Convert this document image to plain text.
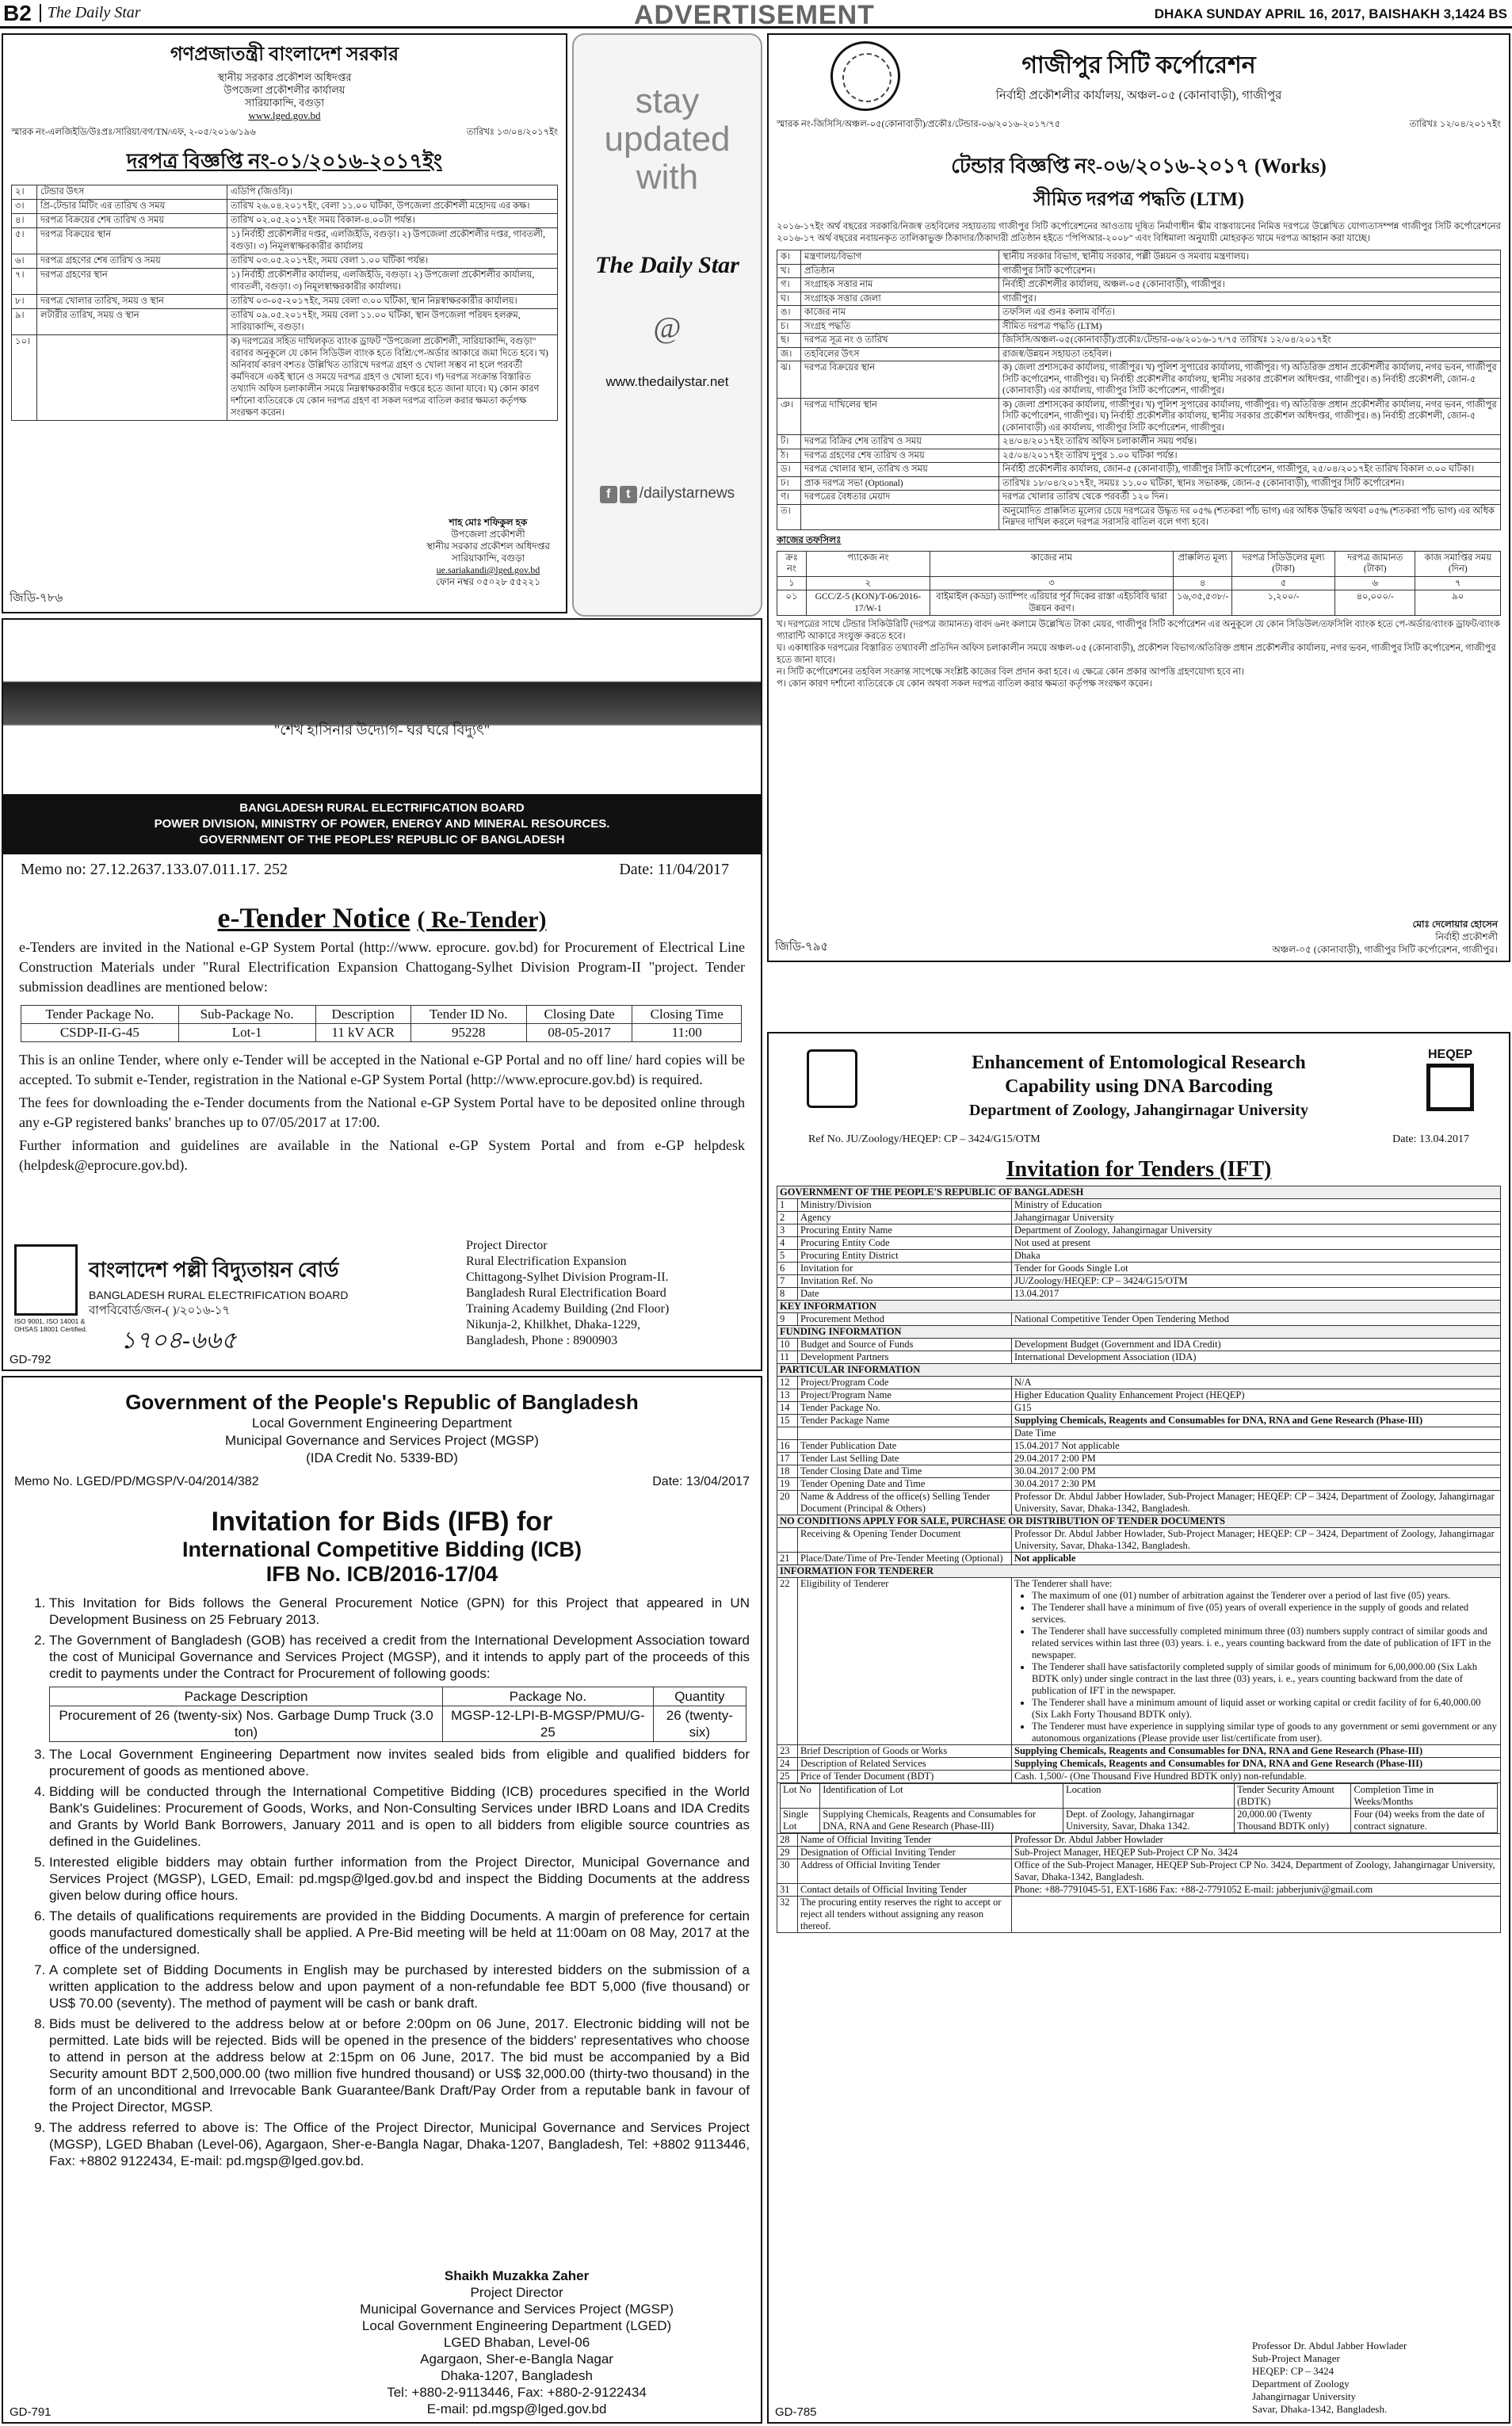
B2	The Daily Star	ADVERTISEMENT	DHAKA SUNDAY APRIL 16, 2017, BAISHAKH 3,1424 BS
গণপ্রজাতন্ত্রী বাংলাদেশ সরকার
স্থানীয় সরকার প্রকৌশল অধিদপ্তর
উপজেলা প্রকৌশলীর কার্যালয়
সারিয়াকান্দি, বগুড়া
www.lged.gov.bd
স্মারক নং-এলজিইডি/উঃপ্রঃ/সারিয়া/বগ/TN/এফ, ২-০৫/২০১৬/১৯৬	তারিখঃ ১৩/০৪/২০১৭ইং
দরপত্র বিজ্ঞপ্তি নং-০১/২০১৬-২০১৭ইং
২।	টেন্ডার উৎস	এডিপি (জিওবি)।
৩।	প্রি-টেন্ডার মিটিং এর তারিখ ও সময়	তারিখ ২৬.০৪.২০১৭ইং, বেলা ১১.০০ ঘটিকা, উপজেলা প্রকৌশলী মহোদয় এর কক্ষ।
৪।	দরপত্র বিক্রয়ের শেষ তারিখ ও সময়	তারিখ ০২.০৫.২০১৭ইং সময় বিকাল-৪.০০টা পর্যন্ত।
৫।	দরপত্র বিক্রয়ের স্থান	১) নির্বাহী প্রকৌশলীর দপ্তর, এলজিইডি, বগুড়া। ২) উপজেলা প্রকৌশলীর দপ্তর, গাবতলী, বগুড়া। ৩) নিমূলস্বাক্ষরকারীর কার্যালয়
৬।	দরপত্র গ্রহণের শেষ তারিখ ও সময়	তারিখ ০৩.০৫.২০১৭ইং, সময় বেলা ১.০০ ঘটিকা পর্যন্ত।
৭।	দরপত্র গ্রহণের স্থান	১) নির্বাহী প্রকৌশলীর কার্যালয়, এলজিইডি, বগুড়া। ২) উপজেলা প্রকৌশলীর কার্যালয়, গাবতলী, বগুড়া। ৩) নিমূলস্বাক্ষরকারীর কার্যালয়।
৮।	দরপত্র খোলার তারিখ, সময় ও স্থান	তারিখ ০৩-০৫-২০১৭ইং, সময় বেলা ৩.০০ ঘটিকা, স্থান নিম্নস্বাক্ষরকারীর কার্যালয়।
৯।	লটারীর তারিখ, সময় ও স্থান	তারিখ ০৯.০৫.২০১৭ইং, সময় বেলা ১১.০০ ঘটিকা, স্থান উপজেলা পরিষদ হলরুম, সারিয়াকান্দি, বগুড়া।
১০।		ক) দরপত্রের সহিত দাখিলকৃত ব্যাংক ড্রাফট "উপজেলা প্রকৌশলী, সারিয়াকান্দি, বগুড়া" বরাবর অনুকূলে যে কোন সিডিউল ব্যাংক হতে বিশ্রি/পে-অর্ডার আকারে জমা দিতে হবে। খ) অনিবার্য কারণ বশতঃ উল্লিখিত তারিখে দরপত্র গ্রহণ ও খোলা সম্ভব না হলে পরবর্তী কর্মদিবসে একই স্থানে ও সময়ে দরপত্র গ্রহণ ও খোলা হবে। গ) দরপত্র সংক্রান্ত বিস্তারিত তথ্যাদি অফিস চলাকালীন সময়ে নিম্নস্বাক্ষরকারীর দপ্তরে হতে জানা যাবে। ঘ) কোন কারণ দর্শানো ব্যতিরেকে যে কোন দরপত্র গ্রহণ বা সকল দরপত্র বাতিল করার ক্ষমতা কর্তৃপক্ষ সংরক্ষণ করেন।
শাহ মোঃ শফিকুল হক
উপজেলা প্রকৌশলী
স্থানীয় সরকার প্রকৌশল অধিদপ্তর
সারিয়াকান্দি, বগুড়া
ue.sariakandi@lged.gov.bd
ফোন নম্বর ০৫০২৮ ৫৫২২১
জিডি-৭৮৬
stay
updated
with
The Daily Star
@
www.thedailystar.net
f t /dailystarnews
গাজীপুর সিটি কর্পোরেশন
নির্বাহী প্রকৌশলীর কার্যালয়, অঞ্চল-০৫ (কোনাবাড়ী), গাজীপুর
স্মারক নং-জিসিসি/অঞ্চল-০৫(কোনাবাড়ী)/প্রকৌঃ/টেন্ডার-০৬/২০১৬-২০১৭/৭৫	তারিখঃ ১২/০৪/২০১৭ইং
টেন্ডার বিজ্ঞপ্তি নং-০৬/২০১৬-২০১৭ (Works)
সীমিত দরপত্র পদ্ধতি (LTM)
২০১৬-১৭ইং অর্থ বছরের সরকারি/নিজস্ব তহবিলের সহায়তায় গাজীপুর সিটি কর্পোরেশনের আওতায় দূষিত নির্মাণাধীন স্কীম বাস্তবায়নের নিমিত্ত দরপত্রে উল্লেখিত যোগ্যতাসম্পন্ন গাজীপুর সিটি কর্পোরেশনের ২০১৬-১৭ অর্থ বছরের নবায়নকৃত তালিকাভুক্ত ঠিকাদার/ঠিকাদারী প্রতিষ্ঠান হইতে "পিপিআর-২০০৮" এবং বিধিমালা অনুযায়ী মোহরকৃত খামে দরপত্র আহ্বান করা যাচ্ছে।
ক।	মন্ত্রণালয়/বিভাগ	স্থানীয় সরকার বিভাগ, স্থানীয় সরকার, পল্লী উন্নয়ন ও সমবায় মন্ত্রণালয়।
খ।	প্রতিষ্ঠান	গাজীপুর সিটি কর্পোরেশন।
গ।	সংগ্রাহক সত্তার নাম	নির্বাহী প্রকৌশলীর কার্যালয়, অঞ্চল-০৫ (কোনাবাড়ী), গাজীপুর।
ঘ।	সংগ্রাহক সত্তার জেলা	গাজীপুর।
ঙ।	কাজের নাম	তফসিল এর গুনঃ কলাম বর্ণিত।
চ।	সংগ্রহ পদ্ধতি	সীমিত দরপত্র পদ্ধতি (LTM)
ছ।	দরপত্র সূত্র নং ও তারিখ	জিসিসি/অঞ্চল-০৫(কোনাবাড়ী)/প্রকৌঃ/টেন্ডার-০৬/২০১৬-১৭/৭৫ তারিখঃ ১২/০৪/২০১৭ইং
জ।	তহবিলের উৎস	রাজস্ব/উন্নয়ন সহায়তা তহবিল।
ঝ।	দরপত্র বিক্রয়ের স্থান	ক) জেলা প্রশাসকের কার্যালয়, গাজীপুর। খ) পুলিশ সুপারের কার্যালয়, গাজীপুর। গ) অতিরিক্ত প্রধান প্রকৌশলীর কার্যালয়, নগর ভবন, গাজীপুর সিটি কর্পোরেশন, গাজীপুর। ঘ) নির্বাহী প্রকৌশলীর কার্যালয়, স্থানীয় সরকার প্রকৌশল অধিদপ্তর, গাজীপুর। ঙ) নির্বাহী প্রকৌশলী, জোন-৫ (কোনাবাড়ী) এর কার্যালয়, গাজীপুর সিটি কর্পোরেশন, গাজীপুর।
ঞ।	দরপত্র দাখিলের স্থান	ক) জেলা প্রশাসকের কার্যালয়, গাজীপুর। খ) পুলিশ সুপারের কার্যালয়, গাজীপুর। গ) অতিরিক্ত প্রধান প্রকৌশলীর কার্যালয়, নগর ভবন, গাজীপুর সিটি কর্পোরেশন, গাজীপুর। ঘ) নির্বাহী প্রকৌশলীর কার্যালয়, স্থানীয় সরকার প্রকৌশল অধিদপ্তর, গাজীপুর। ঙ) নির্বাহী প্রকৌশলী, জোন-৫ (কোনাবাড়ী) এর কার্যালয়, গাজীপুর সিটি কর্পোরেশন, গাজীপুর।
ট।	দরপত্র বিক্রির শেষ তারিখ ও সময়	২৪/০৪/২০১৭ইং তারিখ অফিস চলাকালীন সময় পর্যন্ত।
ঠ।	দরপত্র গ্রহণের শেষ তারিখ ও সময়	২৫/০৪/২০১৭ইং তারিখ দুপুর ১.০০ ঘটিকা পর্যন্ত।
ড।	দরপত্র খোলার স্থান, তারিখ ও সময়	নির্বাহী প্রকৌশলীর কার্যালয়, জোন-৫ (কোনাবাড়ী), গাজীপুর সিটি কর্পোরেশন, গাজীপুর, ২৫/০৪/২০১৭ইং তারিখ বিকাল ৩.০০ ঘটিকা।
ঢ।	প্রাক দরপত্র সভা (Optional)	তারিখঃ ১৮/০৪/২০১৭ইং, সময়ঃ ১১.০০ ঘটিকা, স্থানঃ সভাকক্ষ, জোন-৫ (কোনাবাড়ী), গাজীপুর সিটি কর্পোরেশন।
ণ।	দরপত্রের বৈধতার মেয়াদ	দরপত্র খোলার তারিখ থেকে পরবর্তী ১২০ দিন।
ত।		অনুমোদিত প্রাক্কলিত মূল্যের চেয়ে দরপত্রের উদ্ধৃত দর ০৫% (শতকরা পাঁচ ভাগ) এর অধিক উদ্ধরি অথবা ০৫% (শতকরা পাঁচ ভাগ) এর অধিক নিম্নদর দাখিল করলে দরপত্র সরাসরি বাতিল বলে গণ্য হবে।
কাজের তফসিলঃ
ক্রঃ নং	প্যাকেজ নং	কাজের নাম	প্রাক্কলিত মূল্য	দরপত্র সিডিউলের মূল্য (টাকা)	দরপত্র জামানত (টাকা)	কাজ সমাপ্তির সময় (দিন)
১	২	৩	৪	৫	৬	৭
০১	GCC/Z-5 (KON)/T-06/2016-17/W-1	বাইমাইল (কড্ডা) ড্যাম্পিং এরিয়ার পূর্ব দিকের রাস্তা এইচবিবি দ্বারা উন্নয়ন করণ।	১৬,৩৫,৫৩৮/-	১,২০০/-	৪০,০০০/-	৯০
খ। দরপত্রের সাথে টেন্ডার সিকিউরিটি (দরপত্র জামানত) বাবদ ৬নং কলামে উল্লেখিত টাকা মেয়র, গাজীপুর সিটি কর্পোরেশন এর অনুকূলে যে কোন সিডিউল/তফসিলি ব্যাংক হতে পে-অর্ডার/ব্যাংক ড্রাফট/ব্যাংক গ্যারান্টি আকারে সংযুক্ত করতে হবে।
ঘ। একাধারিক দরপত্রের বিস্তারিত তথ্যাবলী প্রতিদিন অফিস চলাকালীন সময়ে অঞ্চল-০৫ (কোনাবাড়ী), প্রকৌশল বিভাগ/অতিরিক্ত প্রধান প্রকৌশলীর কার্যালয়, নগর ভবন, গাজীপুর সিটি কর্পোরেশন, গাজীপুর হতে জানা যাবে।
ন। সিটি কর্পোরেশনের তহবিল সংক্রান্ত সাপেক্ষে সংশ্লিষ্ট কাজের বিল প্রদান করা হবে। এ ক্ষেত্রে কোন প্রকার আপত্তি গ্রহণযোগ্য হবে না।
প। কোন কারণ দর্শানো ব্যতিরেকে যে কোন অথবা সকল দরপত্র বাতিল করার ক্ষমতা কর্তৃপক্ষ সংরক্ষণ করেন।
মোঃ দেলোয়ার হোসেন
নির্বাহী প্রকৌশলী
অঞ্চল-০৫ (কোনাবাড়ী), গাজীপুর সিটি কর্পোরেশন, গাজীপুর।
জিডি-৭৯৫
"শেখ হাসিনার উদ্যোগ- ঘর ঘরে বিদ্যুৎ"
BANGLADESH RURAL ELECTRIFICATION BOARD
POWER DIVISION, MINISTRY OF POWER, ENERGY AND MINERAL RESOURCES.
GOVERNMENT OF THE PEOPLES' REPUBLIC OF BANGLADESH
Memo no: 27.12.2637.133.07.011.17. 252	Date: 11/04/2017
e-Tender Notice ( Re-Tender)

e-Tenders are invited in the National e-GP System Portal (http://www. eprocure. gov.bd) for Procurement of Electrical Line Construction Materials under "Rural Electrification Expansion Chattogang-Sylhet Division Program-II "project. Tender submission deadlines are mentioned below:

Tender Package No.	Sub-Package No.	Description	Tender ID No.	Closing Date	Closing Time
CSDP-II-G-45	Lot-1	11 kV ACR	95228	08-05-2017	11:00

This is an online Tender, where only e-Tender will be accepted in the National e-GP Portal and no off line/ hard copies will be accepted. To submit e-Tender, registration in the National e-GP System Portal (http://www.eprocure.gov.bd) is required.

The fees for downloading the e-Tender documents from the National e-GP System Portal have to be deposited online through any e-GP registered banks' branches up to 07/05/2017 at 17:00.

Further information and guidelines are available in the National e-GP System Portal and from e-GP helpdesk (helpdesk@eprocure.gov.bd).

ISO 9001, ISO 14001 & OHSAS 18001 Certified.
বাংলাদেশ পল্লী বিদ্যুতায়ন বোর্ড
BANGLADESH RURAL ELECTRIFICATION BOARD
বাপবিবোর্ড/জন-( )/২০১৬-১৭
১৭০৪-৬৬৫
Project Director
Rural Electrification Expansion
Chittagong-Sylhet Division Program-II.
Bangladesh Rural Electrification Board
Training Academy Building (2nd Floor)
Nikunja-2, Khilkhet, Dhaka-1229,
Bangladesh, Phone : 8900903
GD-792
Government of the People's Republic of Bangladesh
Local Government Engineering Department
Municipal Governance and Services Project (MGSP)
(IDA Credit No. 5339-BD)
Memo No. LGED/PD/MGSP/V-04/2014/382	Date: 13/04/2017
Invitation for Bids (IFB) for
International Competitive Bidding (ICB)
IFB No. ICB/2016-17/04
1. This Invitation for Bids follows the General Procurement Notice (GPN) for this Project that appeared in UN Development Business on 25 February 2013.
2. The Government of Bangladesh (GOB) has received a credit from the International Development Association toward the cost of Municipal Governance and Services Project (MGSP), and it intends to apply part of the proceeds of this credit to payments under the Contract for Procurement of following goods:
Package Description	Package No.	Quantity
Procurement of 26 (twenty-six) Nos. Garbage Dump Truck (3.0 ton)	MGSP-12-LPI-B-MGSP/PMU/G-25	26 (twenty-six)
3. The Local Government Engineering Department now invites sealed bids from eligible and qualified bidders for procurement of goods as mentioned above.
4. Bidding will be conducted through the International Competitive Bidding (ICB) procedures specified in the World Bank's Guidelines: Procurement of Goods, Works, and Non-Consulting Services under IBRD Loans and IDA Credits and Grants by World Bank Borrowers, January 2011 and is open to all bidders from eligible source countries as defined in the Guidelines.
5. Interested eligible bidders may obtain further information from the Project Director, Municipal Governance and Services Project (MGSP), LGED, Email: pd.mgsp@lged.gov.bd and inspect the Bidding Documents at the address given below during office hours.
6. The details of qualifications requirements are provided in the Bidding Documents. A margin of preference for certain goods manufactured domestically shall be applied. A Pre-Bid meeting will be held at 11:00am on 08 May, 2017 at the office of the undersigned.
7. A complete set of Bidding Documents in English may be purchased by interested bidders on the submission of a written application to the address below and upon payment of a non-refundable fee BDT 5,000 (five thousand) or US$ 70.00 (seventy). The method of payment will be cash or bank draft.
8. Bids must be delivered to the address below at or before 2:00pm on 06 June, 2017. Electronic bidding will not be permitted. Late bids will be rejected. Bids will be opened in the presence of the bidders' representatives who choose to attend in person at the address below at 2:15pm on 06 June, 2017. The bid must be accompanied by a Bid Security amount BDT 2,500,000.00 (two million five hundred thousand) or US$ 32,000.00 (thirty-two thousand) in the form of an unconditional and Irrevocable Bank Guarantee/Bank Draft/Pay Order from a reputable bank in favour of the Project Director, MGSP.
9. The address referred to above is: The Office of the Project Director, Municipal Governance and Services Project (MGSP), LGED Bhaban (Level-06), Agargaon, Sher-e-Bangla Nagar, Dhaka-1207, Bangladesh, Tel: +8802 9113446, Fax: +8802 9122434, E-mail: pd.mgsp@lged.gov.bd.
Shaikh Muzakka Zaher
Project Director
Municipal Governance and Services Project (MGSP)
Local Government Engineering Department (LGED)
LGED Bhaban, Level-06
Agargaon, Sher-e-Bangla Nagar
Dhaka-1207, Bangladesh
Tel: +880-2-9113446, Fax: +880-2-9122434
E-mail: pd.mgsp@lged.gov.bd
GD-791
HEQEP
Enhancement of Entomological Research
Capability using DNA Barcoding
Department of Zoology, Jahangirnagar University
Ref No. JU/Zoology/HEQEP: CP – 3424/G15/OTM	Date: 13.04.2017
Invitation for Tenders (IFT)
GOVERNMENT OF THE PEOPLE'S REPUBLIC OF BANGLADESH
1	Ministry/Division	Ministry of Education
2	Agency	Jahangirnagar University
3	Procuring Entity Name	Department of Zoology, Jahangirnagar University
4	Procuring Entity Code	Not used at present
5	Procuring Entity District	Dhaka
6	Invitation for	Tender for Goods Single Lot
7	Invitation Ref. No	JU/Zoology/HEQEP: CP – 3424/G15/OTM
8	Date	13.04.2017
KEY INFORMATION
9	Procurement Method	National Competitive Tender Open Tendering Method
FUNDING INFORMATION
10	Budget and Source of Funds	Development Budget (Government and IDA Credit)
11	Development Partners	International Development Association (IDA)
PARTICULAR INFORMATION
12	Project/Program Code	N/A
13	Project/Program Name	Higher Education Quality Enhancement Project (HEQEP)
14	Tender Package No.	G15
15	Tender Package Name	Supplying Chemicals, Reagents and Consumables for DNA, RNA and Gene Research (Phase-III)
		Date Time
16	Tender Publication Date	15.04.2017 Not applicable
17	Tender Last Selling Date	29.04.2017 2:00 PM
18	Tender Closing Date and Time	30.04.2017 2:00 PM
19	Tender Opening Date and Time	30.04.2017 2:30 PM
20	Name & Address of the office(s) Selling Tender Document (Principal & Others)	Professor Dr. Abdul Jabber Howlader, Sub-Project Manager; HEQEP: CP – 3424, Department of Zoology, Jahangirnagar University, Savar, Dhaka-1342, Bangladesh.
NO CONDITIONS APPLY FOR SALE, PURCHASE OR DISTRIBUTION OF TENDER DOCUMENTS
	Receiving & Opening Tender Document	Professor Dr. Abdul Jabber Howlader, Sub-Project Manager; HEQEP: CP – 3424, Department of Zoology, Jahangirnagar University, Savar, Dhaka-1342, Bangladesh.
21	Place/Date/Time of Pre-Tender Meeting (Optional)	Not applicable
INFORMATION FOR TENDERER
22	Eligibility of Tenderer	The Tenderer shall have:
• The maximum of one (01) number of arbitration against the Tenderer over a period of last five (05) years.
• The Tenderer shall have a minimum of five (05) years of overall experience in the supply of goods and related services.
• The Tenderer shall have successfully completed minimum three (03) numbers supply contract of similar goods and related services within last three (03) years. i. e., years counting backward from the date of publication of IFT in the newspaper.
• The Tenderer shall have satisfactorily completed supply of similar goods of minimum for 6,00,000.00 (Six Lakh BDTK only) under single contract in the last three (03) years, i. e., years counting backward from the date of publication of IFT in the newspaper.
• The Tenderer shall have a minimum amount of liquid asset or working capital or credit facility of for 6,40,000.00 (Six Lakh Forty Thousand BDTK only).
• The Tenderer must have experience in supplying similar type of goods to any government or semi government or any autonomous organizations (Please provide user list/certificate from user).

23	Brief Description of Goods or Works	Supplying Chemicals, Reagents and Consumables for DNA, RNA and Gene Research (Phase-III)
24	Description of Related Services	Supplying Chemicals, Reagents and Consumables for DNA, RNA and Gene Research (Phase-III)
25	Price of Tender Document (BDT)	Cash. 1,500/- (One Thousand Five Hundred BDTK only) non-refundable.

Lot No	Identification of Lot	Location	Tender Security Amount (BDTK)	Completion Time in Weeks/Months
Single Lot	Supplying Chemicals, Reagents and Consumables for DNA, RNA and Gene Research (Phase-III)	Dept. of Zoology, Jahangirnagar University, Savar, Dhaka 1342.	20,000.00 (Twenty Thousand BDTK only)	Four (04) weeks from the date of contract signature.

28	Name of Official Inviting Tender	Professor Dr. Abdul Jabber Howlader
29	Designation of Official Inviting Tender	Sub-Project Manager, HEQEP Sub-Project CP No. 3424
30	Address of Official Inviting Tender	Office of the Sub-Project Manager, HEQEP Sub-Project CP No. 3424, Department of Zoology, Jahangirnagar University, Savar, Dhaka-1342, Bangladesh.
31	Contact details of Official Inviting Tender	Phone: +88-7791045-51, EXT-1686 Fax: +88-2-7791052 E-mail: jabberjuniv@gmail.com
32	The procuring entity reserves the right to accept or reject all tenders without assigning any reason thereof.	
Professor Dr. Abdul Jabber Howlader
Sub-Project Manager
HEQEP: CP – 3424
Department of Zoology
Jahangirnagar University
Savar, Dhaka-1342, Bangladesh.
GD-785
